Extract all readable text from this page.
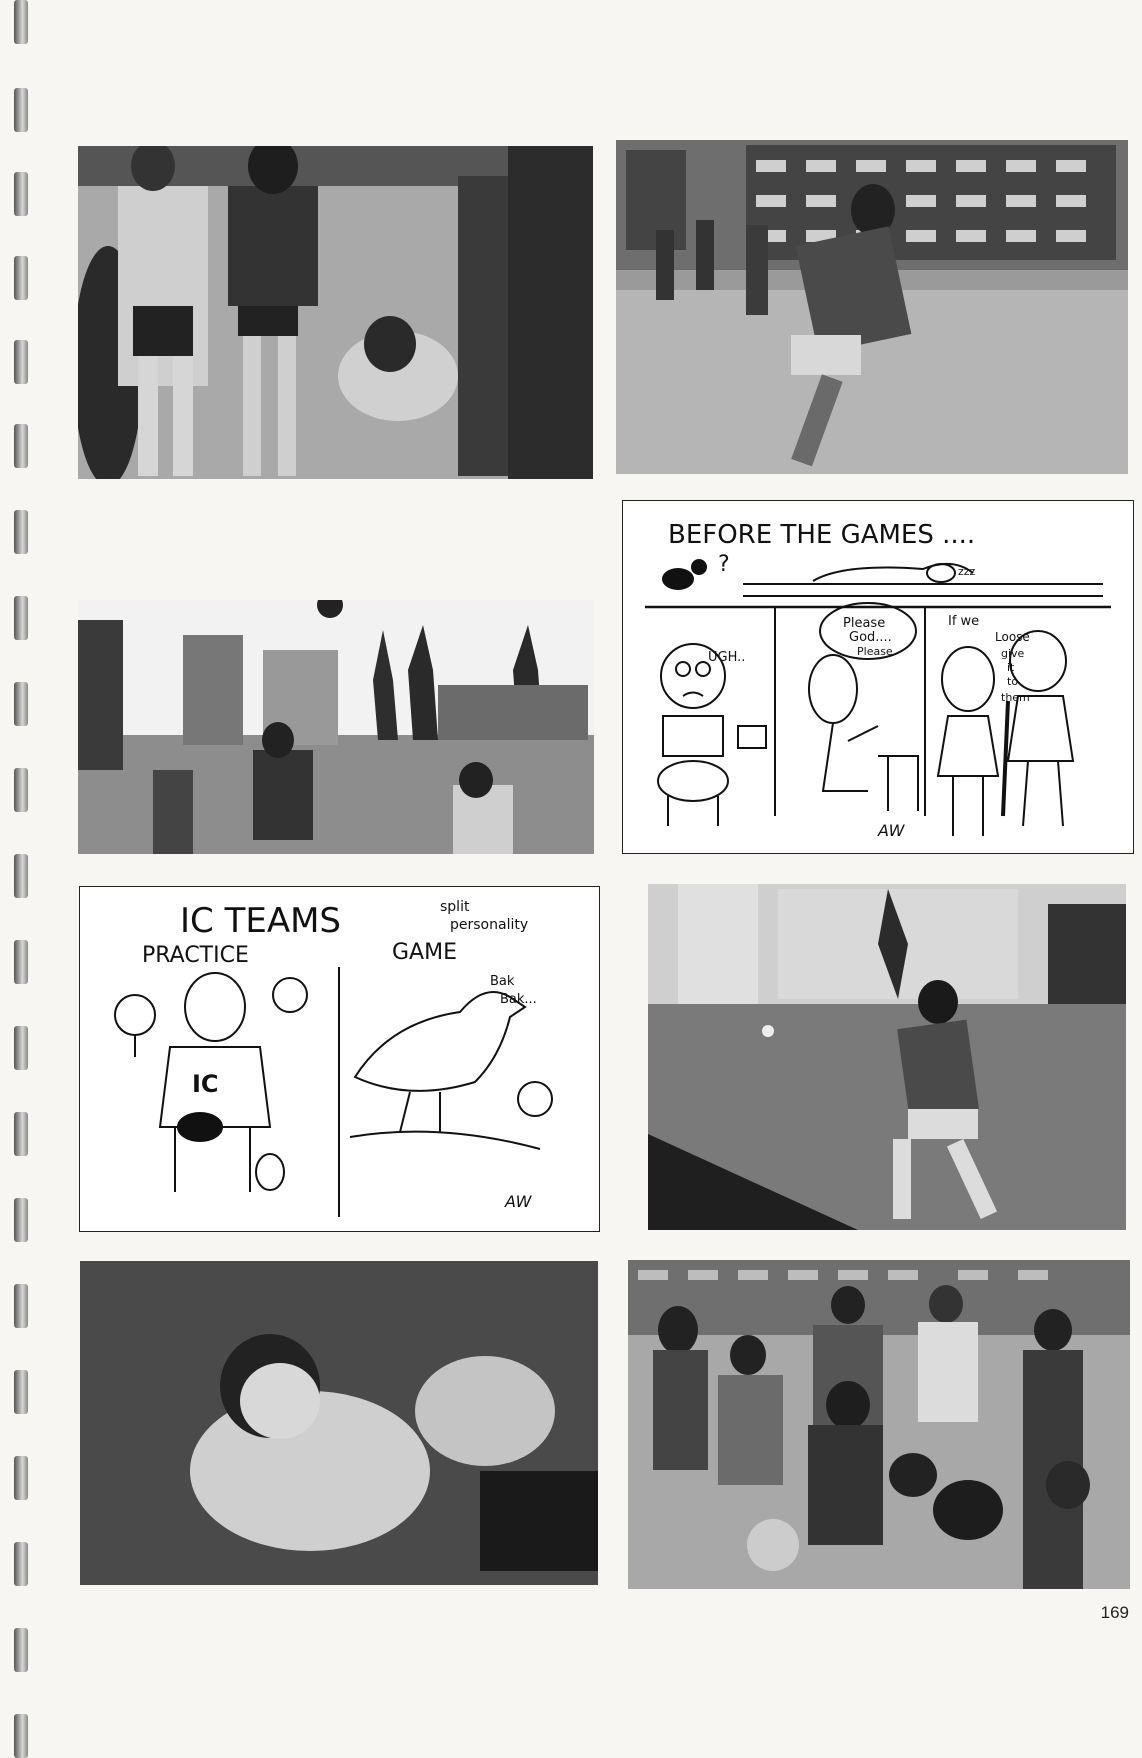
BEFORE THE GAMES ....
?	zzz
UGH..
Please
God....
Please
If we
Loose
give
it
to
them
AW
IC TEAMS	split
personality
PRACTICE	GAME
IC
Bak
Bak...
AW
169
